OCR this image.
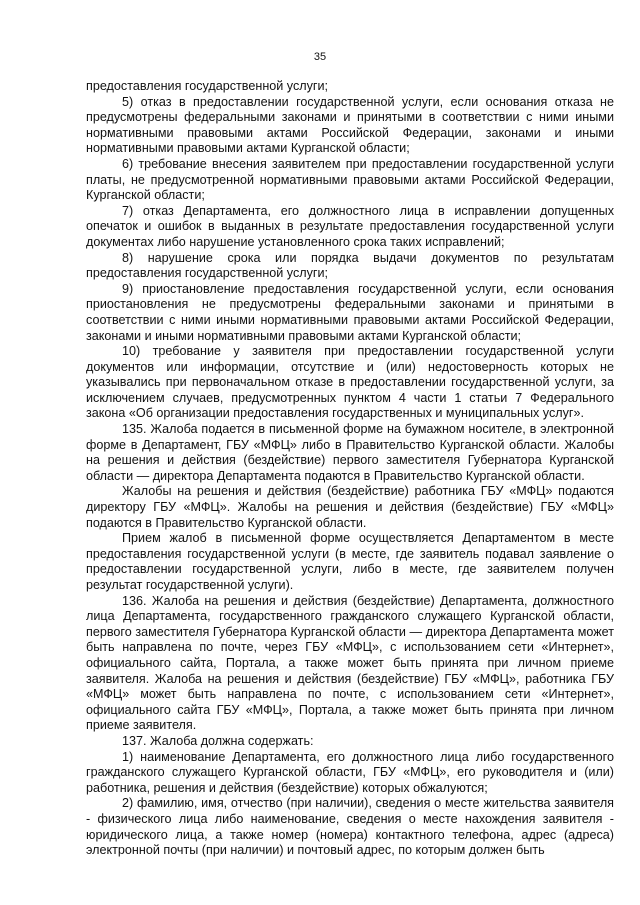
35

предоставления государственной услуги;

5) отказ в предоставлении государственной услуги, если основания отказа не предусмотрены федеральными законами и принятыми в соответствии с ними иными нормативными правовыми актами Российской Федерации, законами и иными нормативными правовыми актами Курганской области;

6) требование внесения заявителем при предоставлении государственной услуги платы, не предусмотренной нормативными правовыми актами Российской Федерации, Курганской области;

7) отказ Департамента, его должностного лица в исправлении допущенных опечаток и ошибок в выданных в результате предоставления государственной услуги документах либо нарушение установленного срока таких исправлений;

8) нарушение срока или порядка выдачи документов по результатам предоставления государственной услуги;

9) приостановление предоставления государственной услуги, если основания приостановления не предусмотрены федеральными законами и принятыми в соответствии с ними иными нормативными правовыми актами Российской Федерации, законами и иными нормативными правовыми актами Курганской области;

10) требование у заявителя при предоставлении государственной услуги документов или информации, отсутствие и (или) недостоверность которых не указывались при первоначальном отказе в предоставлении государственной услуги, за исключением случаев, предусмотренных пунктом 4 части 1 статьи 7 Федерального закона «Об организации предоставления государственных и муниципальных услуг».

135. Жалоба подается в письменной форме на бумажном носителе, в электронной форме в Департамент, ГБУ «МФЦ» либо в Правительство Курганской области. Жалобы на решения и действия (бездействие) первого заместителя Губернатора Курганской области — директора Департамента подаются в Правительство Курганской области.

Жалобы на решения и действия (бездействие) работника ГБУ «МФЦ» подаются директору ГБУ «МФЦ». Жалобы на решения и действия (бездействие) ГБУ «МФЦ» подаются в Правительство Курганской области.

Прием жалоб в письменной форме осуществляется Департаментом в месте предоставления государственной услуги (в месте, где заявитель подавал заявление о предоставлении государственной услуги, либо в месте, где заявителем получен результат государственной услуги).

136. Жалоба на решения и действия (бездействие) Департамента, должностного лица Департамента, государственного гражданского служащего Курганской области, первого заместителя Губернатора Курганской области — директора Департамента может быть направлена по почте, через ГБУ «МФЦ», с использованием сети «Интернет», официального сайта, Портала, а также может быть принята при личном приеме заявителя. Жалоба на решения и действия (бездействие) ГБУ «МФЦ», работника ГБУ «МФЦ» может быть направлена по почте, с использованием сети «Интернет», официального сайта ГБУ «МФЦ», Портала, а также может быть принята при личном приеме заявителя.

137. Жалоба должна содержать:

1) наименование Департамента, его должностного лица либо государственного гражданского служащего Курганской области, ГБУ «МФЦ», его руководителя и (или) работника, решения и действия (бездействие) которых обжалуются;

2) фамилию, имя, отчество (при наличии), сведения о месте жительства заявителя - физического лица либо наименование, сведения о месте нахождения заявителя - юридического лица, а также номер (номера) контактного телефона, адрес (адреса) электронной почты (при наличии) и почтовый адрес, по которым должен быть
